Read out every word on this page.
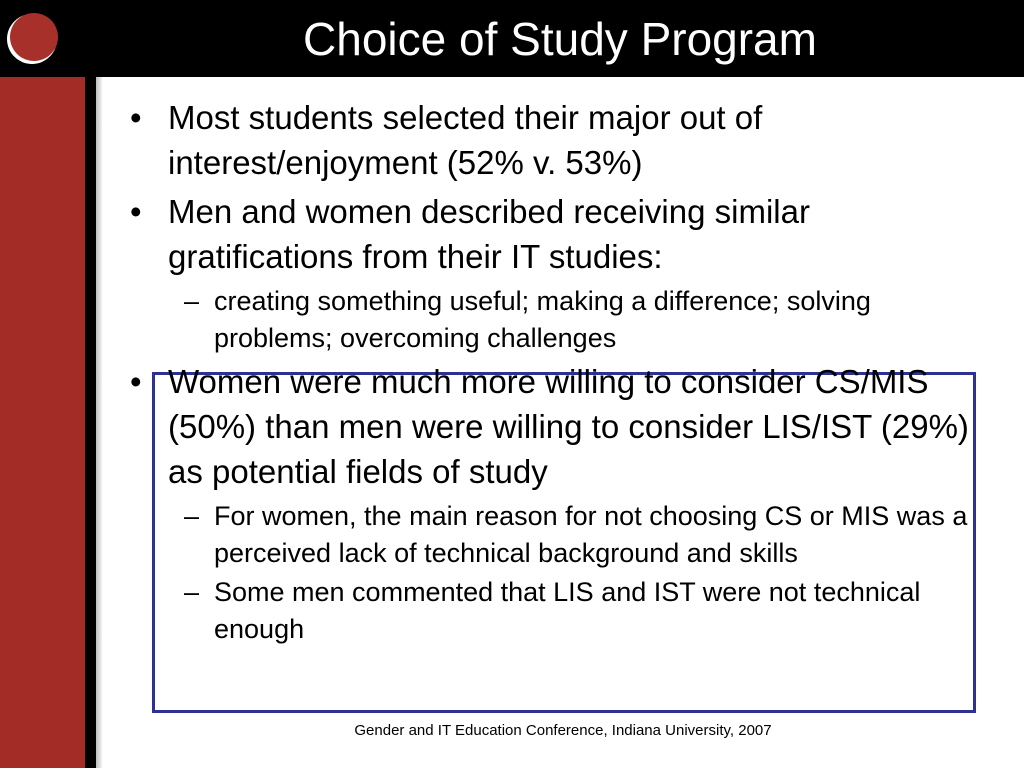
Choice of Study Program
• Most students selected their major out of interest/enjoyment (52% v. 53%)
• Men and women described receiving similar gratifications from their IT studies:
– creating something useful; making a difference; solving problems; overcoming challenges
• Women were much more willing to consider CS/MIS (50%) than men were willing to consider LIS/IST (29%) as potential fields of study
– For women, the main reason for not choosing CS or MIS was a perceived lack of technical background and skills
– Some men commented that LIS and IST were not technical enough
Gender and IT Education Conference, Indiana University, 2007
